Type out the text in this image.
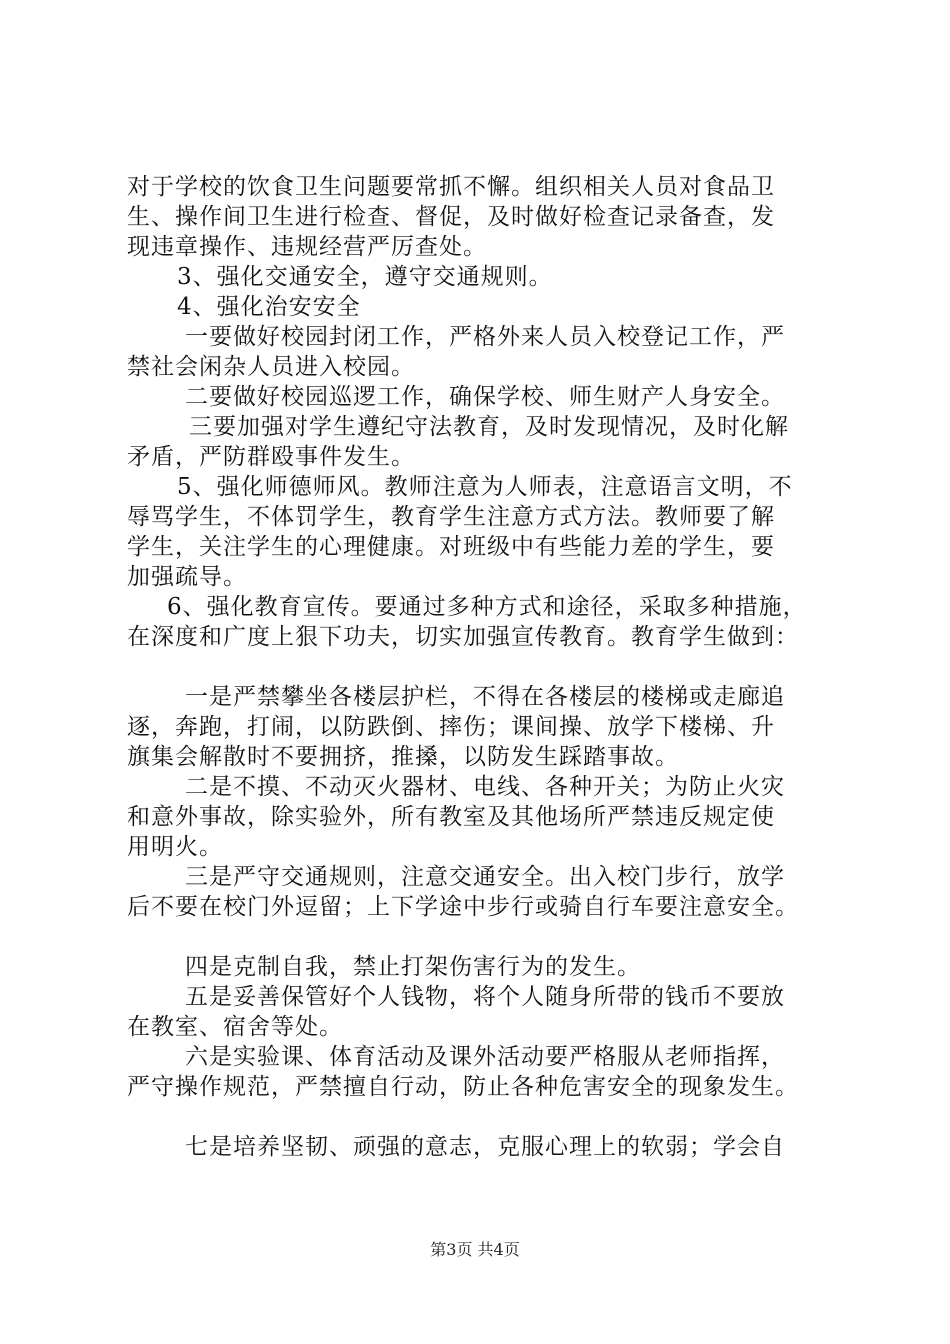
对于学校的饮食卫生问题要常抓不懈。组织相关人员对食品卫
生、操作间卫生进行检查、督促，及时做好检查记录备查，发
现违章操作、违规经营严厉查处。
3、强化交通安全，遵守交通规则。
4、强化治安安全
一要做好校园封闭工作，严格外来人员入校登记工作，严
禁社会闲杂人员进入校园。
二要做好校园巡逻工作，确保学校、师生财产人身安全。
三要加强对学生遵纪守法教育，及时发现情况，及时化解
矛盾，严防群殴事件发生。
5、强化师德师风。教师注意为人师表，注意语言文明，不
辱骂学生，不体罚学生，教育学生注意方式方法。教师要了解
学生，关注学生的心理健康。对班级中有些能力差的学生，要
加强疏导。
6、强化教育宣传。要通过多种方式和途径，采取多种措施，
在深度和广度上狠下功夫，切实加强宣传教育。教育学生做到：
一是严禁攀坐各楼层护栏，不得在各楼层的楼梯或走廊追
逐，奔跑，打闹，以防跌倒、摔伤；课间操、放学下楼梯、升
旗集会解散时不要拥挤，推搡，以防发生踩踏事故。
二是不摸、不动灭火器材、电线、各种开关；为防止火灾
和意外事故，除实验外，所有教室及其他场所严禁违反规定使
用明火。
三是严守交通规则，注意交通安全。出入校门步行，放学
后不要在校门外逗留；上下学途中步行或骑自行车要注意安全。
四是克制自我，禁止打架伤害行为的发生。
五是妥善保管好个人钱物，将个人随身所带的钱币不要放
在教室、宿舍等处。
六是实验课、体育活动及课外活动要严格服从老师指挥，
严守操作规范，严禁擅自行动，防止各种危害安全的现象发生。
七是培养坚韧、顽强的意志，克服心理上的软弱；学会自
第3页 共4页
